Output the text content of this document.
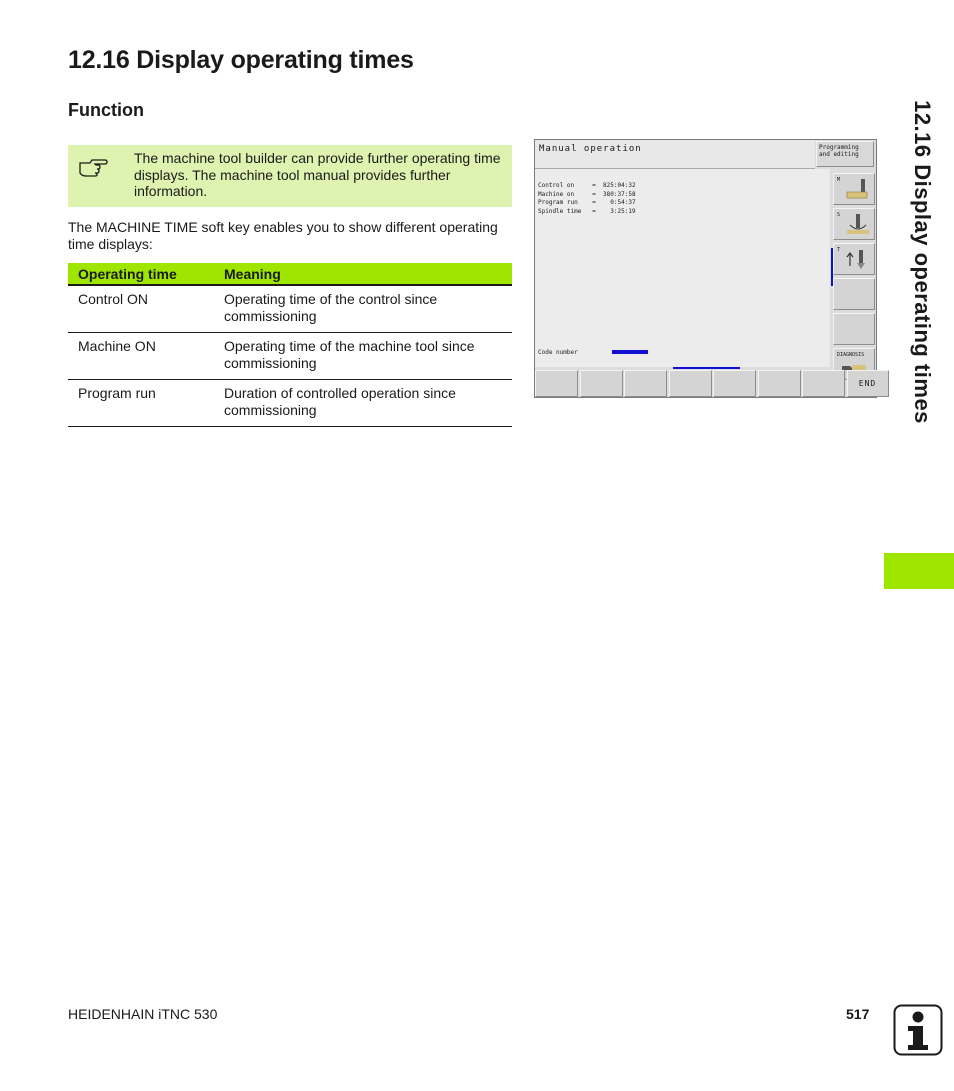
12.16 Display operating times
Function
The machine tool builder can provide further operating time displays. The machine tool manual provides further information.
The MACHINE TIME soft key enables you to show different operating time displays:
Operating time	Meaning
Control ON	Operating time of the control since commissioning
Machine ON	Operating time of the machine tool since commissioning
Program run	Duration of controlled operation since commissioning
Manual operation	Programming and editing
Control on	= 825:04:32
Machine on	= 380:37:58
Program run = 0:54:37
Spindle time = 3:25:19
Code number
M
S
T
DIAGNOSIS
END	12.16 Display operating times
HEIDENHAIN iTNC 530	517
